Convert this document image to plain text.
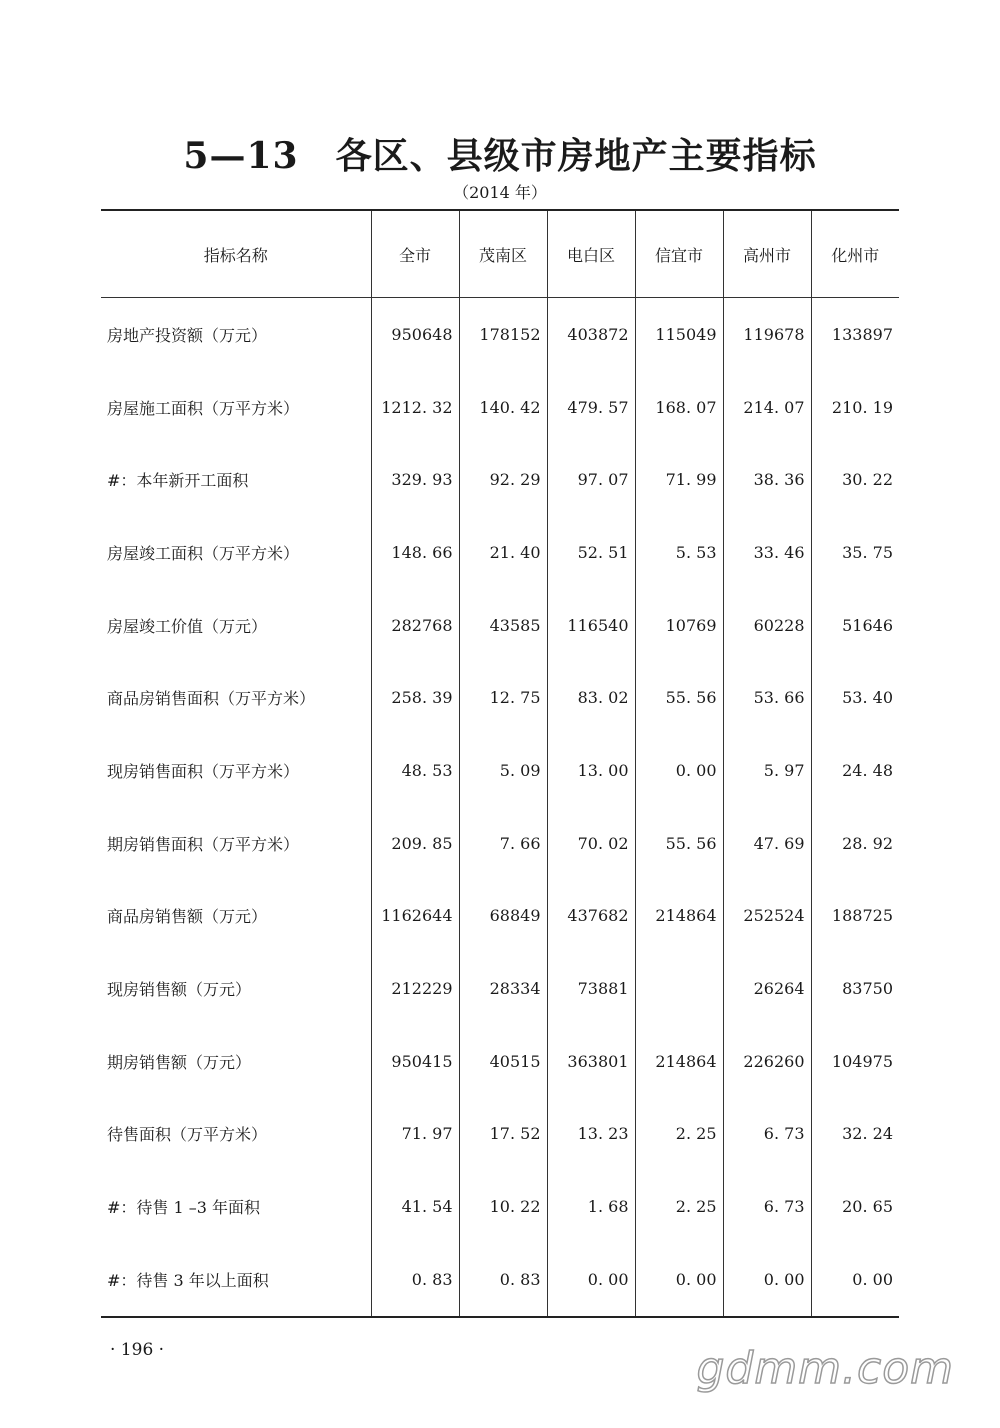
5—13　各区、县级市房地产主要指标
（2014 年）
指标名称	全市	茂南区	电白区	信宜市	高州市	化州市
房地产投资额（万元）	950648	178152	403872	115049	119678	133897
房屋施工面积（万平方米）	1212. 32	140. 42	479. 57	168. 07	214. 07	210. 19
#：本年新开工面积	329. 93	92. 29	97. 07	71. 99	38. 36	30. 22
房屋竣工面积（万平方米）	148. 66	21. 40	52. 51	5. 53	33. 46	35. 75
房屋竣工价值（万元）	282768	43585	116540	10769	60228	51646
商品房销售面积（万平方米）	258. 39	12. 75	83. 02	55. 56	53. 66	53. 40
现房销售面积（万平方米）	48. 53	5. 09	13. 00	0. 00	5. 97	24. 48
期房销售面积（万平方米）	209. 85	7. 66	70. 02	55. 56	47. 69	28. 92
商品房销售额（万元）	1162644	68849	437682	214864	252524	188725
现房销售额（万元）	212229	28334	73881		26264	83750
期房销售额（万元）	950415	40515	363801	214864	226260	104975
待售面积（万平方米）	71. 97	17. 52	13. 23	2. 25	6. 73	32. 24
#：待售 1 –3 年面积	41. 54	10. 22	1. 68	2. 25	6. 73	20. 65
#：待售 3 年以上面积	0. 83	0. 83	0. 00	0. 00	0. 00	0. 00
· 196 ·	gdmm.com
